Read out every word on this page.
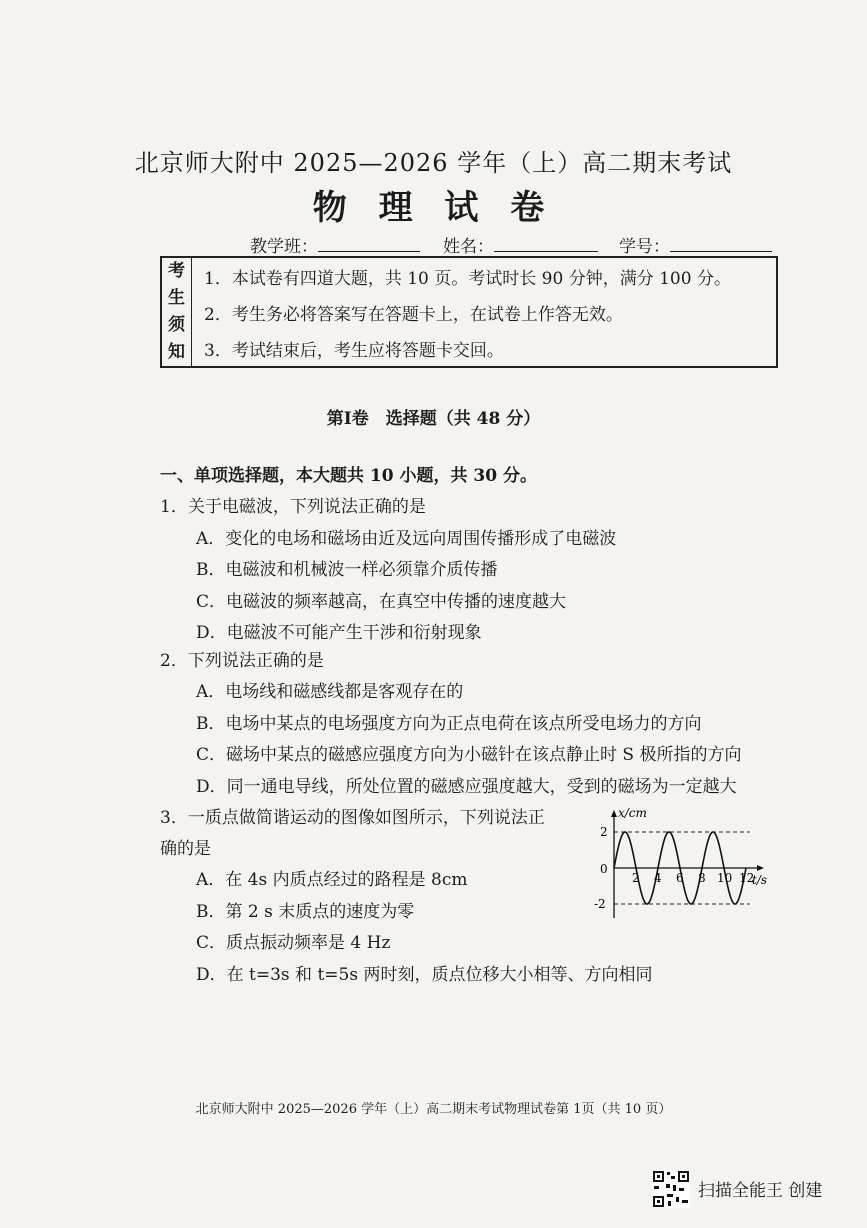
北京师大附中 2025—2026 学年（上）高二期末考试
物 理 试 卷
教学班：	姓名：	学号：
考
生
须
知
1．本试卷有四道大题，共 10 页。考试时长 90 分钟，满分 100 分。
2．考生务必将答案写在答题卡上，在试卷上作答无效。
3．考试结束后，考生应将答题卡交回。
第Ⅰ卷　选择题（共 48 分）
一、单项选择题，本大题共 10 小题，共 30 分。
1．关于电磁波，下列说法正确的是
A．变化的电场和磁场由近及远向周围传播形成了电磁波
B．电磁波和机械波一样必须靠介质传播
C．电磁波的频率越高，在真空中传播的速度越大
D．电磁波不可能产生干涉和衍射现象
2．下列说法正确的是
A．电场线和磁感线都是客观存在的
B．电场中某点的电场强度方向为正点电荷在该点所受电场力的方向
C．磁场中某点的磁感应强度方向为小磁针在该点静止时 S 极所指的方向
D．同一通电导线，所处位置的磁感应强度越大，受到的磁场为一定越大
3．一质点做简谐运动的图像如图所示，下列说法正
确的是
A．在 4s 内质点经过的路程是 8cm
B．第 2 s 末质点的速度为零
C．质点振动频率是 4 Hz
D．在 t=3s 和 t=5s 两时刻，质点位移大小相等、方向相同
x/cm
t/s
0
2
-2
2 4 6 8 10 12
北京师大附中 2025—2026 学年（上）高二期末考试物理试卷第 1页（共 10 页）
扫描全能王 创建
